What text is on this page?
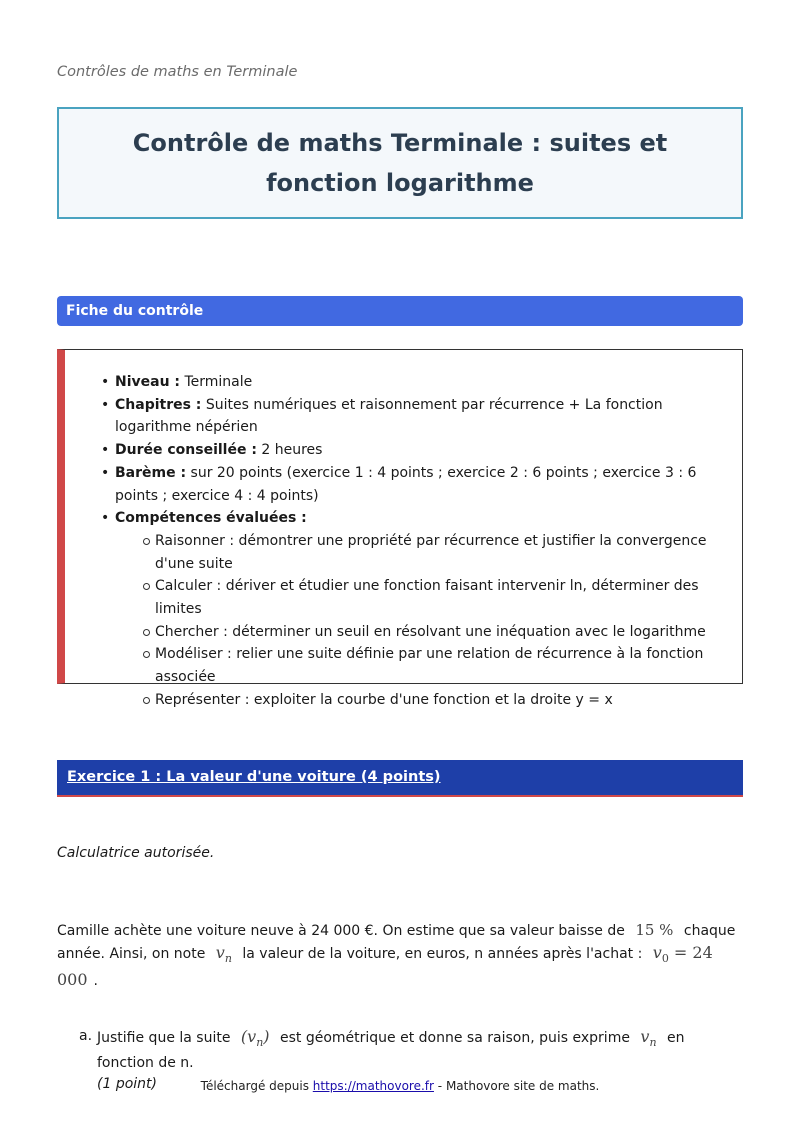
Contrôles de maths en Terminale
Contrôle de maths Terminale : suites et fonction logarithme
Fiche du contrôle
• Niveau : Terminale
• Chapitres : Suites numériques et raisonnement par récurrence + La fonction logarithme népérien
• Durée conseillée : 2 heures
• Barème : sur 20 points (exercice 1 : 4 points ; exercice 2 : 6 points ; exercice 3 : 6 points ; exercice 4 : 4 points)
• Compétences évaluées :
Raisonner : démontrer une propriété par récurrence et justifier la convergence d'une suite
Calculer : dériver et étudier une fonction faisant intervenir ln, déterminer des limites
Chercher : déterminer un seuil en résolvant une inéquation avec le logarithme
Modéliser : relier une suite définie par une relation de récurrence à la fonction associée
Représenter : exploiter la courbe d'une fonction et la droite y = x
Exercice 1 : La valeur d'une voiture (4 points)
Calculatrice autorisée.
Camille achète une voiture neuve à 24 000 €. On estime que sa valeur baisse de 15 % chaque année. Ainsi, on note $v_n$ la valeur de la voiture, en euros, n années après l'achat : $v_0 = 24$ 000 .
a. Justifie que la suite $(v_n)$ est géométrique et donne sa raison, puis exprime $v_n$ en fonction de n.
(1 point)	Téléchargé depuis https://mathovore.fr - Mathovore site de maths.
